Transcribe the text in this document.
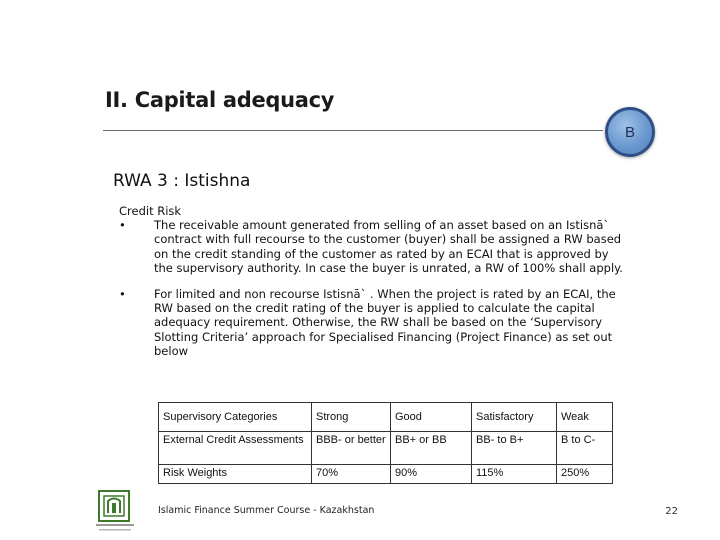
II. Capital adequacy
B
RWA 3 : Istishna

Credit Risk

• The receivable amount generated from selling of an asset based on an Istisnā` contract with full recourse to the customer (buyer) shall be assigned a RW based on the credit standing of the customer as rated by an ECAI that is approved by the supervisory authority. In case the buyer is unrated, a RW of 100% shall apply.

• For limited and non recourse Istisnā` . When the project is rated by an ECAI, the RW based on the credit rating of the buyer is applied to calculate the capital adequacy requirement. Otherwise, the RW shall be based on the ‘Supervisory Slotting Criteria’ approach for Specialised Financing (Project Finance) as set out below

Supervisory Categories	Strong	Good	Satisfactory	Weak
External Credit Assessments	BBB- or better	BB+ or BB	BB- to B+	B to C-
Risk Weights	70%	90%	115%	250%
Islamic Finance Summer Course - Kazakhstan	22
